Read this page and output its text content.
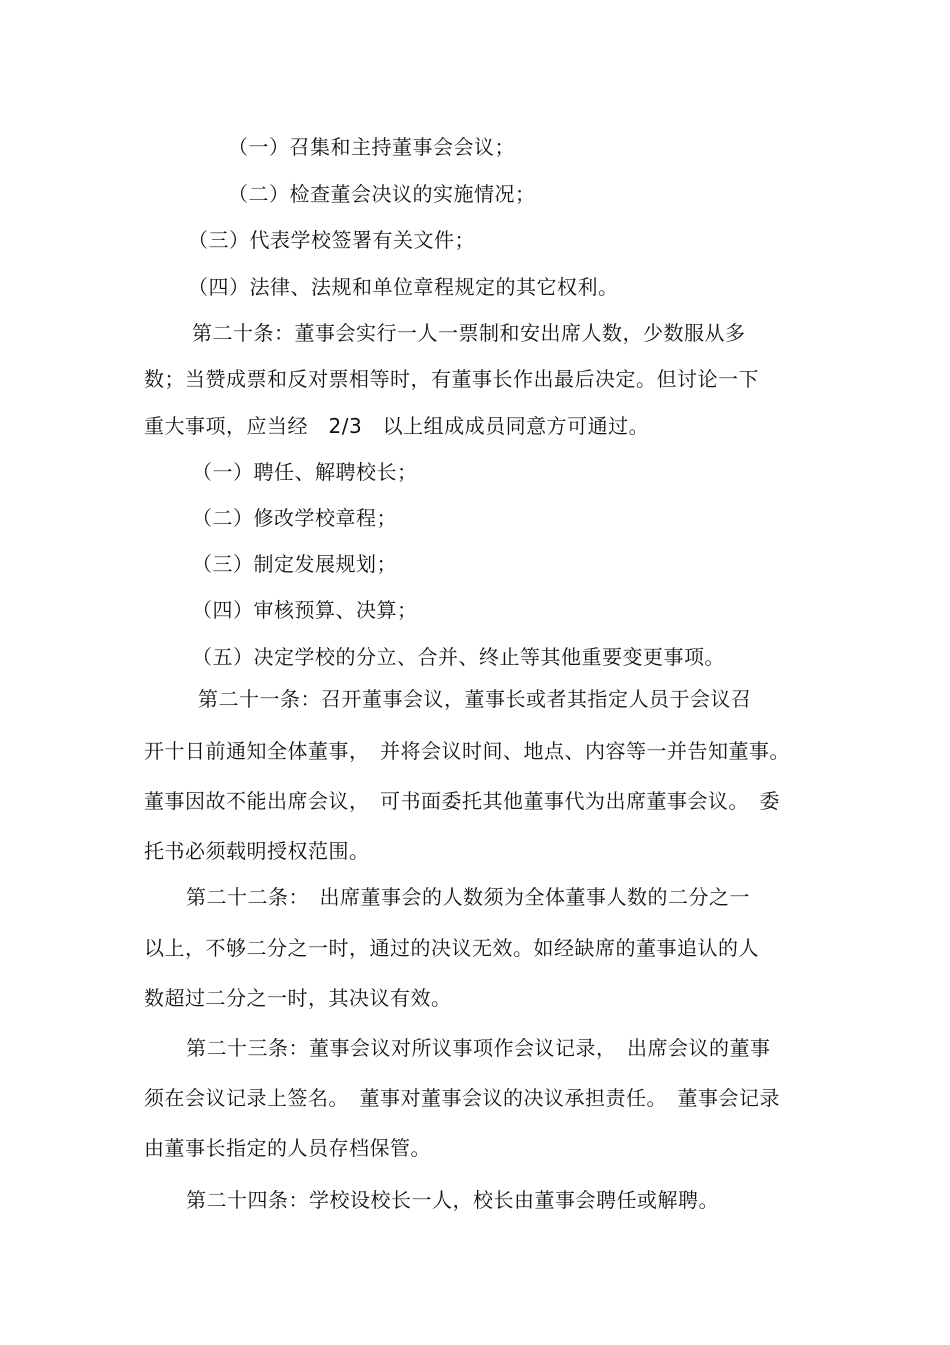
（一）召集和主持董事会会议；
（二）检查董会决议的实施情况；
（三）代表学校签署有关文件；
（四）法律、法规和单位章程规定的其它权利。
第二十条：董事会实行一人一票制和安出席人数，少数服从多
数；当赞成票和反对票相等时，有董事长作出最后决定。但讨论一下
重大事项，应当经　2/3　以上组成成员同意方可通过。
（一）聘任、解聘校长；
（二）修改学校章程；
（三）制定发展规划；
（四）审核预算、决算；
（五）决定学校的分立、合并、终止等其他重要变更事项。
第二十一条：召开董事会议，董事长或者其指定人员于会议召
开十日前通知全体董事，　并将会议时间、地点、内容等一并告知董事。
董事因故不能出席会议，　可书面委托其他董事代为出席董事会议。　委
托书必须载明授权范围。
第二十二条：　出席董事会的人数须为全体董事人数的二分之一
以上，不够二分之一时，通过的决议无效。如经缺席的董事追认的人
数超过二分之一时，其决议有效。
第二十三条：董事会议对所议事项作会议记录，　出席会议的董事
须在会议记录上签名。　董事对董事会议的决议承担责任。　董事会记录
由董事长指定的人员存档保管。
第二十四条：学校设校长一人，校长由董事会聘任或解聘。
